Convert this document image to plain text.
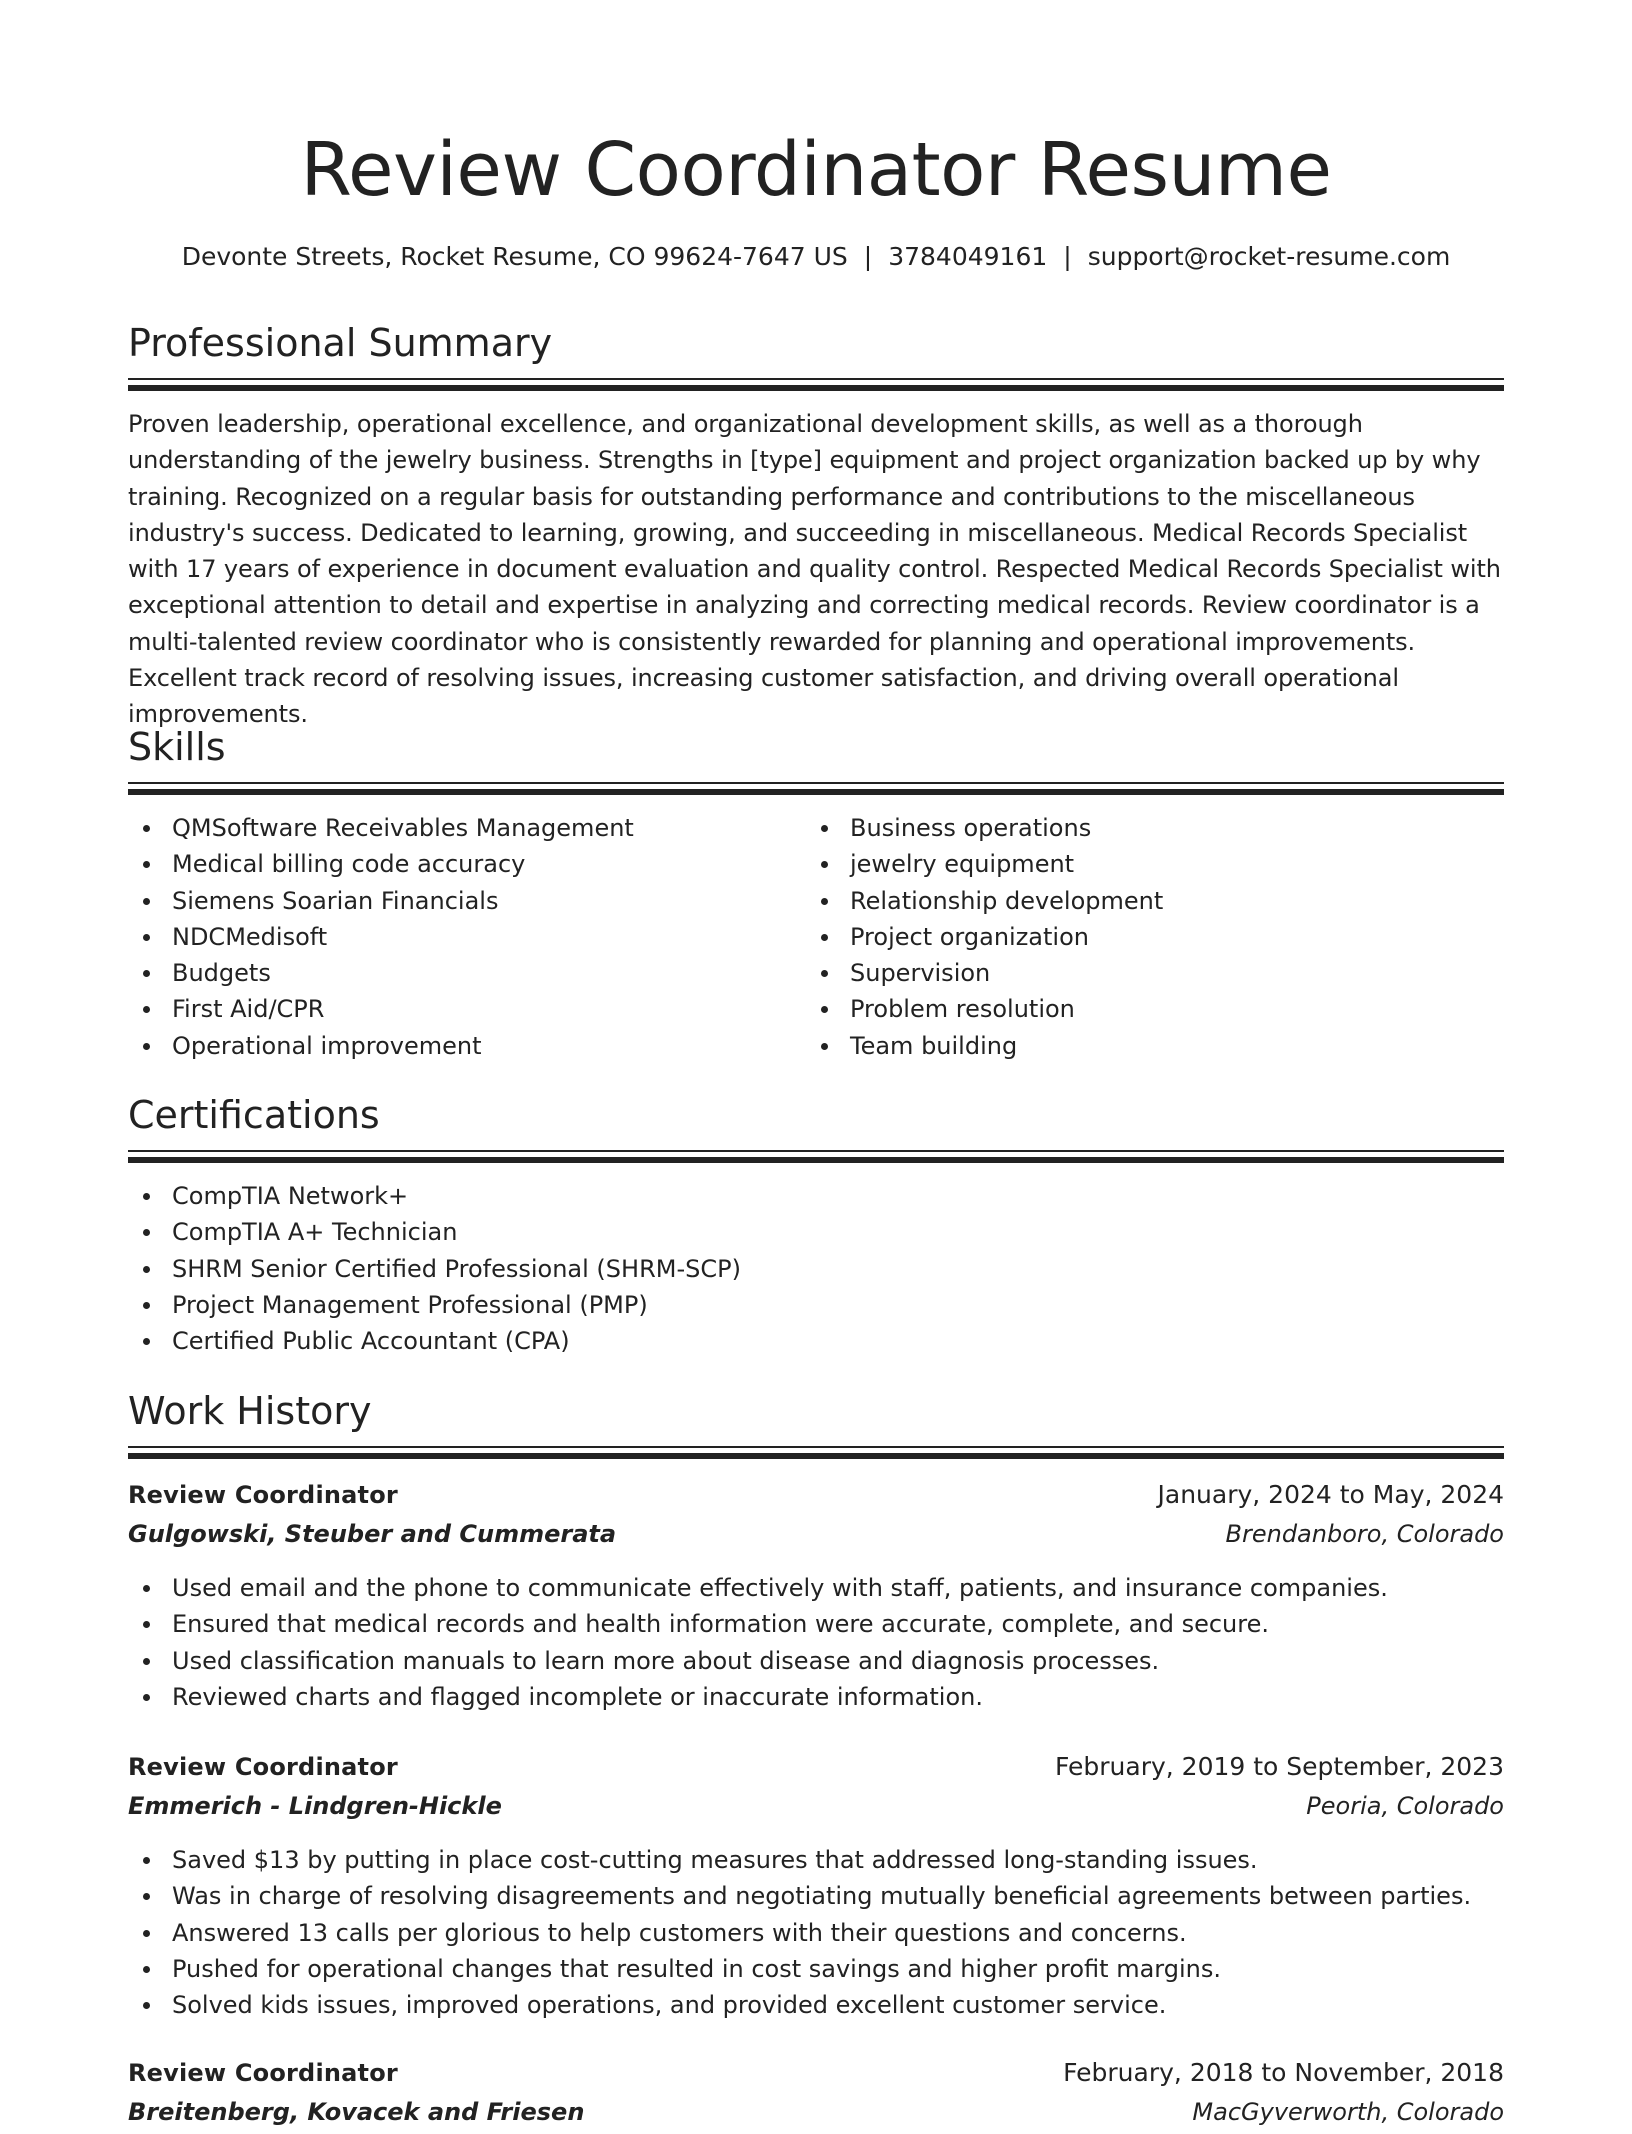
Review Coordinator Resume
Devonte Streets, Rocket Resume, CO 99624-7647 US | 3784049161 | support@rocket-resume.com
Professional Summary

Proven leadership, operational excellence, and organizational development skills, as well as a thorough understanding of the jewelry business. Strengths in [type] equipment and project organization backed up by why training. Recognized on a regular basis for outstanding performance and contributions to the miscellaneous industry's success. Dedicated to learning, growing, and succeeding in miscellaneous. Medical Records Specialist with 17 years of experience in document evaluation and quality control. Respected Medical Records Specialist with exceptional attention to detail and expertise in analyzing and correcting medical records. Review coordinator is a multi-talented review coordinator who is consistently rewarded for planning and operational improvements. Excellent track record of resolving issues, increasing customer satisfaction, and driving overall operational improvements.

Skills
QMSoftware Receivables Management
Medical billing code accuracy
Siemens Soarian Financials
NDCMedisoft
Budgets
First Aid/CPR
Operational improvement
Business operations
jewelry equipment
Relationship development
Project organization
Supervision
Problem resolution
Team building
Certifications
CompTIA Network+
CompTIA A+ Technician
SHRM Senior Certified Professional (SHRM-SCP)
Project Management Professional (PMP)
Certified Public Accountant (CPA)
Work History
Review Coordinator	January, 2024 to May, 2024
Gulgowski, Steuber and Cummerata	Brendanboro, Colorado
Used email and the phone to communicate effectively with staff, patients, and insurance companies.
Ensured that medical records and health information were accurate, complete, and secure.
Used classification manuals to learn more about disease and diagnosis processes.
Reviewed charts and flagged incomplete or inaccurate information.
Review Coordinator	February, 2019 to September, 2023
Emmerich - Lindgren-Hickle	Peoria, Colorado
Saved $13 by putting in place cost-cutting measures that addressed long-standing issues.
Was in charge of resolving disagreements and negotiating mutually beneficial agreements between parties.
Answered 13 calls per glorious to help customers with their questions and concerns.
Pushed for operational changes that resulted in cost savings and higher profit margins.
Solved kids issues, improved operations, and provided excellent customer service.
Review Coordinator	February, 2018 to November, 2018
Breitenberg, Kovacek and Friesen	MacGyverworth, Colorado
